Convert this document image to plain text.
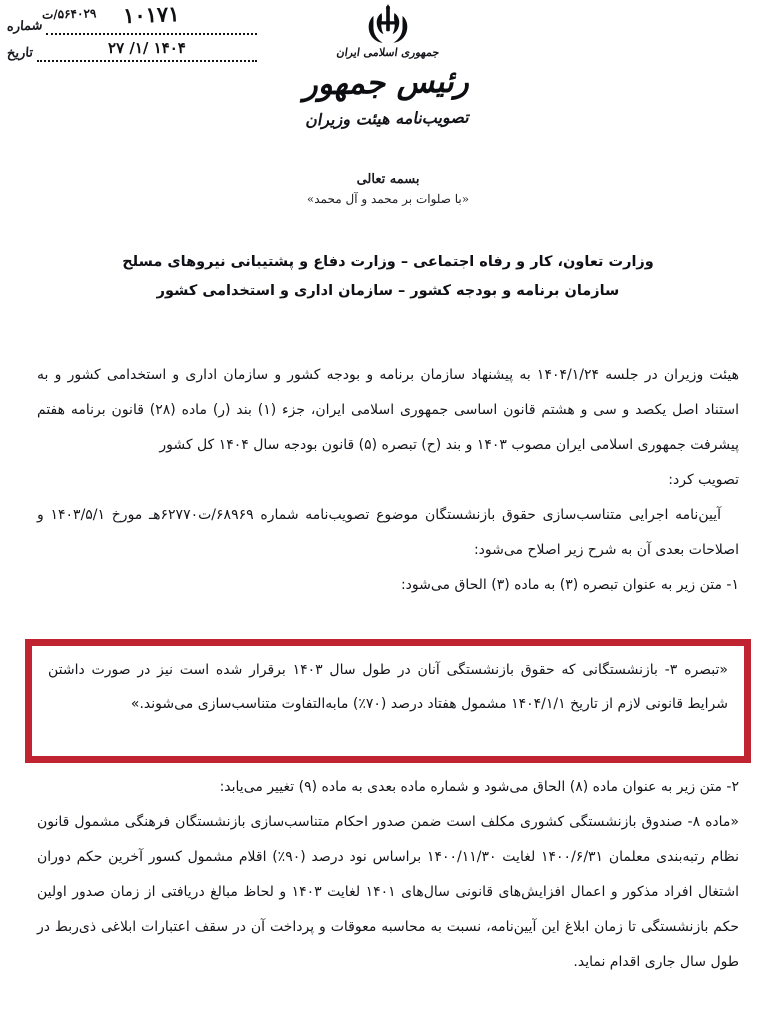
شماره	۱۰۱۷۱
۵۶۴۰۲۹/ت
تاریخ	۱۴۰۴ /۱/ ۲۷	جمهوری اسلامی ایران
رئیس جمهور
تصویب‌نامه هیئت وزیران
بسمه تعالی
«با صلوات بر محمد و آل محمد»
وزارت تعاون، کار و رفاه اجتماعی – وزارت دفاع و پشتیبانی نیروهای مسلح
سازمان برنامه و بودجه کشور – سازمان اداری و استخدامی کشور

هیئت وزیران در جلسه ۱۴۰۴/۱/۲۴ به پیشنهاد سازمان برنامه و بودجه کشور و سازمان اداری و استخدامی کشور و به استناد اصل یکصد و سی و هشتم قانون اساسی جمهوری اسلامی ایران، جزء (۱) بند (ر) ماده (۲۸) قانون برنامه هفتم پیشرفت جمهوری اسلامی ایران مصوب ۱۴۰۳ و بند (ح) تبصره (۵) قانون بودجه سال ۱۴۰۴ کل کشور

تصویب کرد:

آیین‌نامه اجرایی متناسب‌سازی حقوق بازنشستگان موضوع تصویب‌نامه شماره ۶۸۹۶۹/ت۶۲۷۷۰هـ مورخ ۱۴۰۳/۵/۱ و اصلاحات بعدی آن به شرح زیر اصلاح می‌شود:

۱- متن زیر به عنوان تبصره (۳) به ماده (۳) الحاق می‌شود:

«تبصره ۳- بازنشستگانی که حقوق بازنشستگی آنان در طول سال ۱۴۰۳ برقرار شده است نیز در صورت داشتن شرایط قانونی لازم از تاریخ ۱۴۰۴/۱/۱ مشمول هفتاد درصد (۷۰٪) مابه‌التفاوت متناسب‌سازی می‌شوند.»

۲- متن زیر به عنوان ماده (۸) الحاق می‌شود و شماره ماده بعدی به ماده (۹) تغییر می‌یابد:

«ماده ۸- صندوق بازنشستگی کشوری مکلف است ضمن صدور احکام متناسب‌سازی بازنشستگان فرهنگی مشمول قانون نظام رتبه‌بندی معلمان ۱۴۰۰/۶/۳۱ لغایت ۱۴۰۰/۱۱/۳۰ براساس نود درصد (۹۰٪) اقلام مشمول کسور آخرین حکم دوران اشتغال افراد مذکور و اعمال افزایش‌های قانونی سال‌های ۱۴۰۱ لغایت ۱۴۰۳ و لحاظ مبالغ دریافتی از زمان صدور اولین حکم بازنشستگی تا زمان ابلاغ این آیین‌نامه، نسبت به محاسبه معوقات و پرداخت آن در سقف اعتبارات ابلاغی ذی‌ربط در طول سال جاری اقدام نماید.
